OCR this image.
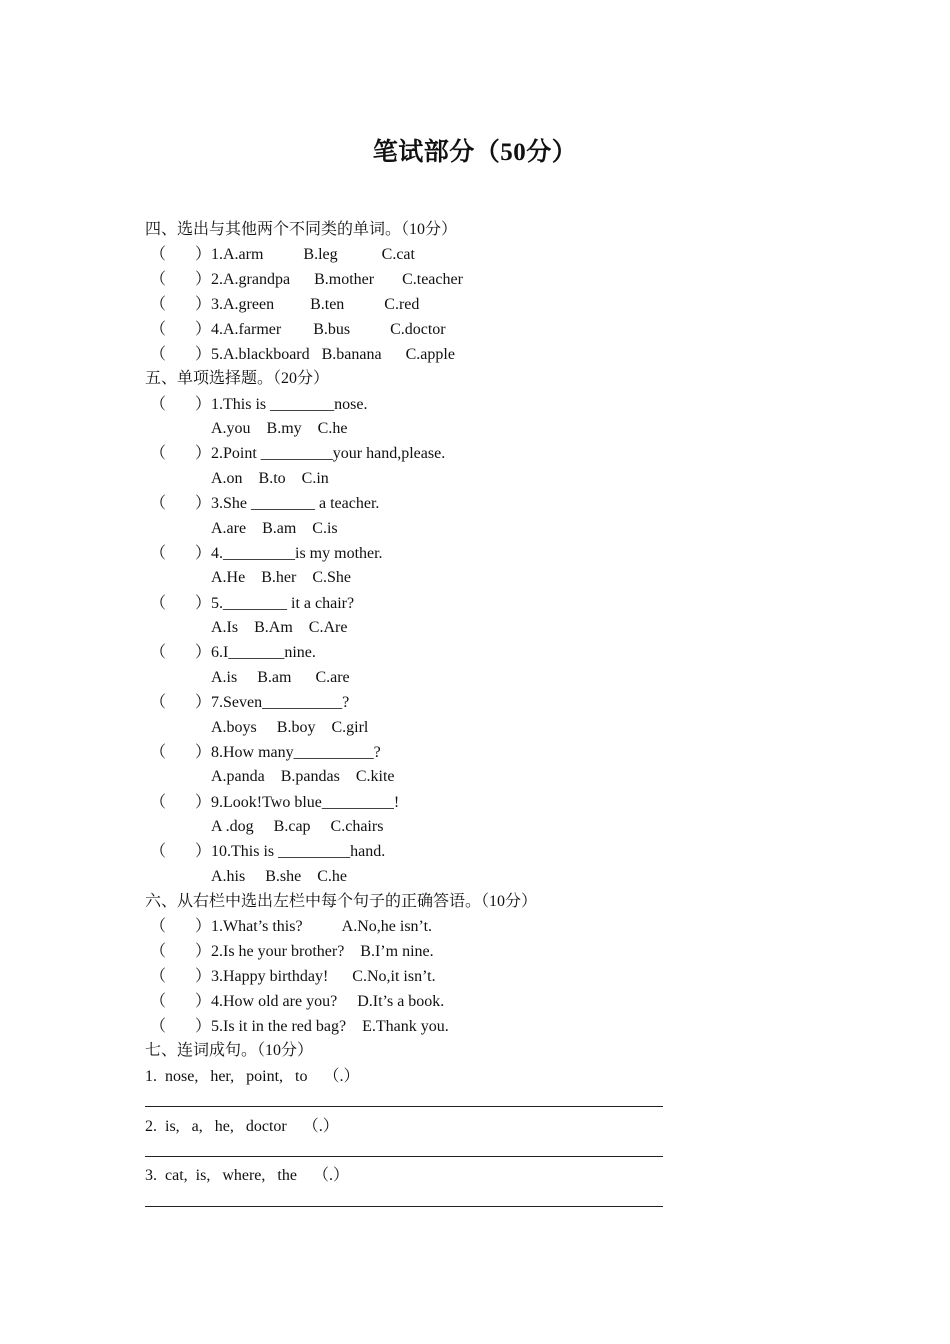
笔试部分（50分）
四、选出与其他两个不同类的单词。（10分）
（ ） 1.A.arm          B.leg           C.cat
（ ） 2.A.grandpa      B.mother       C.teacher
（ ） 3.A.green         B.ten          C.red
（ ） 4.A.farmer        B.bus          C.doctor
（ ） 5.A.blackboard   B.banana      C.apple
五、单项选择题。（20分）
（ ） 1.This is ________nose.
A.you    B.my    C.he
（ ） 2.Point _________your hand,please.
A.on    B.to    C.in
（ ） 3.She ________ a teacher.
A.are    B.am    C.is
（ ） 4._________is my mother.
A.He    B.her    C.She
（ ） 5.________ it a chair?
A.Is    B.Am    C.Are
（ ） 6.I_______nine.
A.is     B.am      C.are
（ ） 7.Seven__________?
A.boys     B.boy    C.girl
（ ） 8.How many__________?
A.panda    B.pandas    C.kite
（ ） 9.Look!Two blue_________!
A .dog     B.cap     C.chairs
（ ） 10.This is _________hand.
A.his     B.she    C.he
六、从右栏中选出左栏中每个句子的正确答语。（10分）
（ ） 1.What’s this?          A.No,he isn’t.
（ ） 2.Is he your brother?    B.I’m nine.
（ ） 3.Happy birthday!      C.No,it isn’t.
（ ） 4.How old are you?     D.It’s a book.
（ ） 5.Is it in the red bag?    E.Thank you.
七、连词成句。（10分）
1.  nose,   her,   point,   to    （.）
2.  is,   a,   he,   doctor    （.）
3.  cat,  is,   where,   the    （.）
